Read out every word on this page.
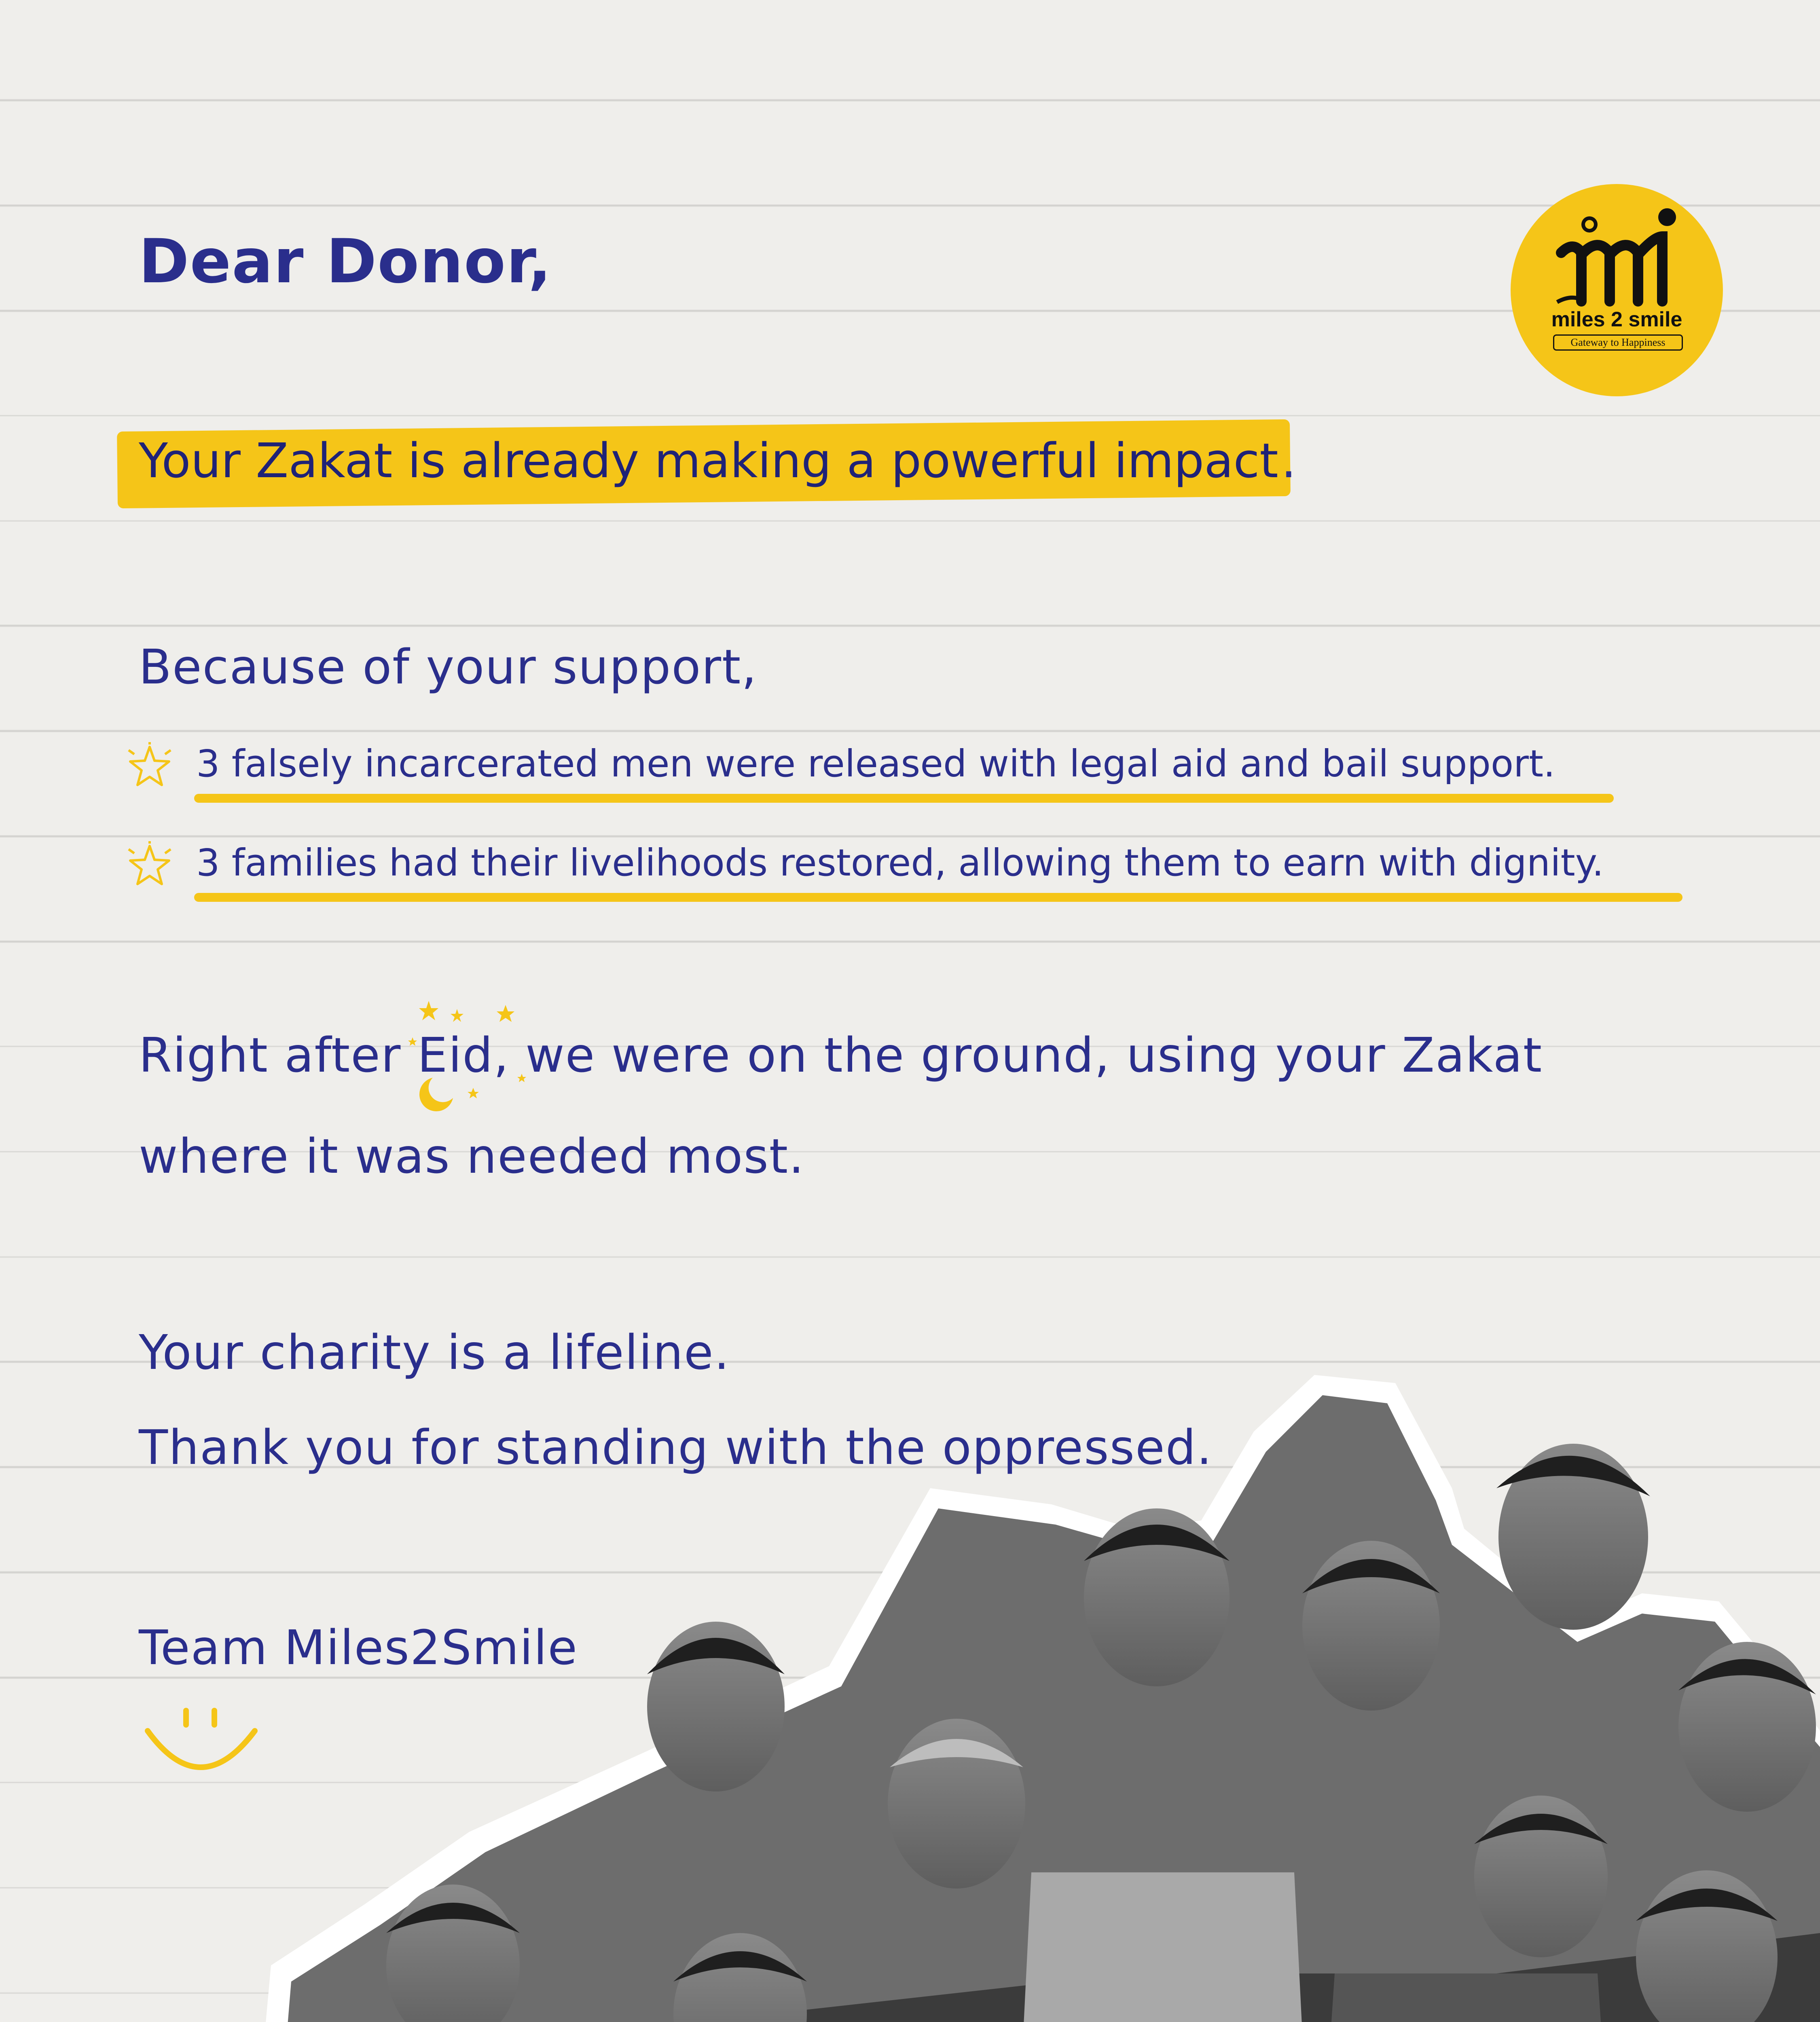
miles 2 smile
Gateway to Happiness
Dear Donor,
Your Zakat is already making a powerful impact.
Because of your support,
3 falsely incarcerated men were released with legal aid and bail support.
3 families had their livelihoods restored, allowing them to earn with dignity.
Right after Eid, we were on the ground, using your Zakat
where it was needed most.
Your charity is a lifeline.
Thank you for standing with the oppressed.
Team Miles2Smile
